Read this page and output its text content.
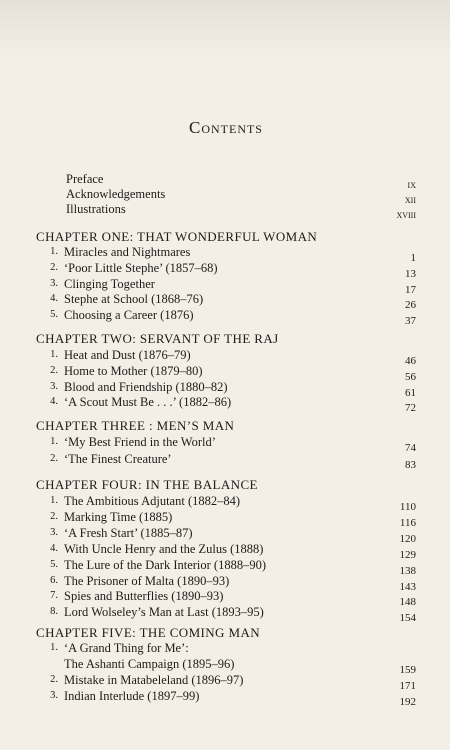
Contents
Preface	ix
Acknowledgements	xii
Illustrations	xviii
CHAPTER ONE: THAT WONDERFUL WOMAN
1. Miracles and Nightmares	1
2. ‘Poor Little Stephe’ (1857–68)	13
3. Clinging Together	17
4. Stephe at School (1868–76)	26
5. Choosing a Career (1876)	37
CHAPTER TWO: SERVANT OF THE RAJ
1. Heat and Dust (1876–79)	46
2. Home to Mother (1879–80)	56
3. Blood and Friendship (1880–82)	61
4. ‘A Scout Must Be . . .’ (1882–86)	72
CHAPTER THREE : MEN’S MAN
1. ‘My Best Friend in the World’	74
2. ‘The Finest Creature’	83
CHAPTER FOUR: IN THE BALANCE
1. The Ambitious Adjutant (1882–84)	110
2. Marking Time (1885)	116
3. ‘A Fresh Start’ (1885–87)	120
4. With Uncle Henry and the Zulus (1888)	129
5. The Lure of the Dark Interior (1888–90)	138
6. The Prisoner of Malta (1890–93)	143
7. Spies and Butterflies (1890–93)	148
8. Lord Wolseley’s Man at Last (1893–95)	154
CHAPTER FIVE: THE COMING MAN
1. ‘A Grand Thing for Me’:
The Ashanti Campaign (1895–96)	159
2. Mistake in Matabeleland (1896–97)	171
3. Indian Interlude (1897–99)	192
